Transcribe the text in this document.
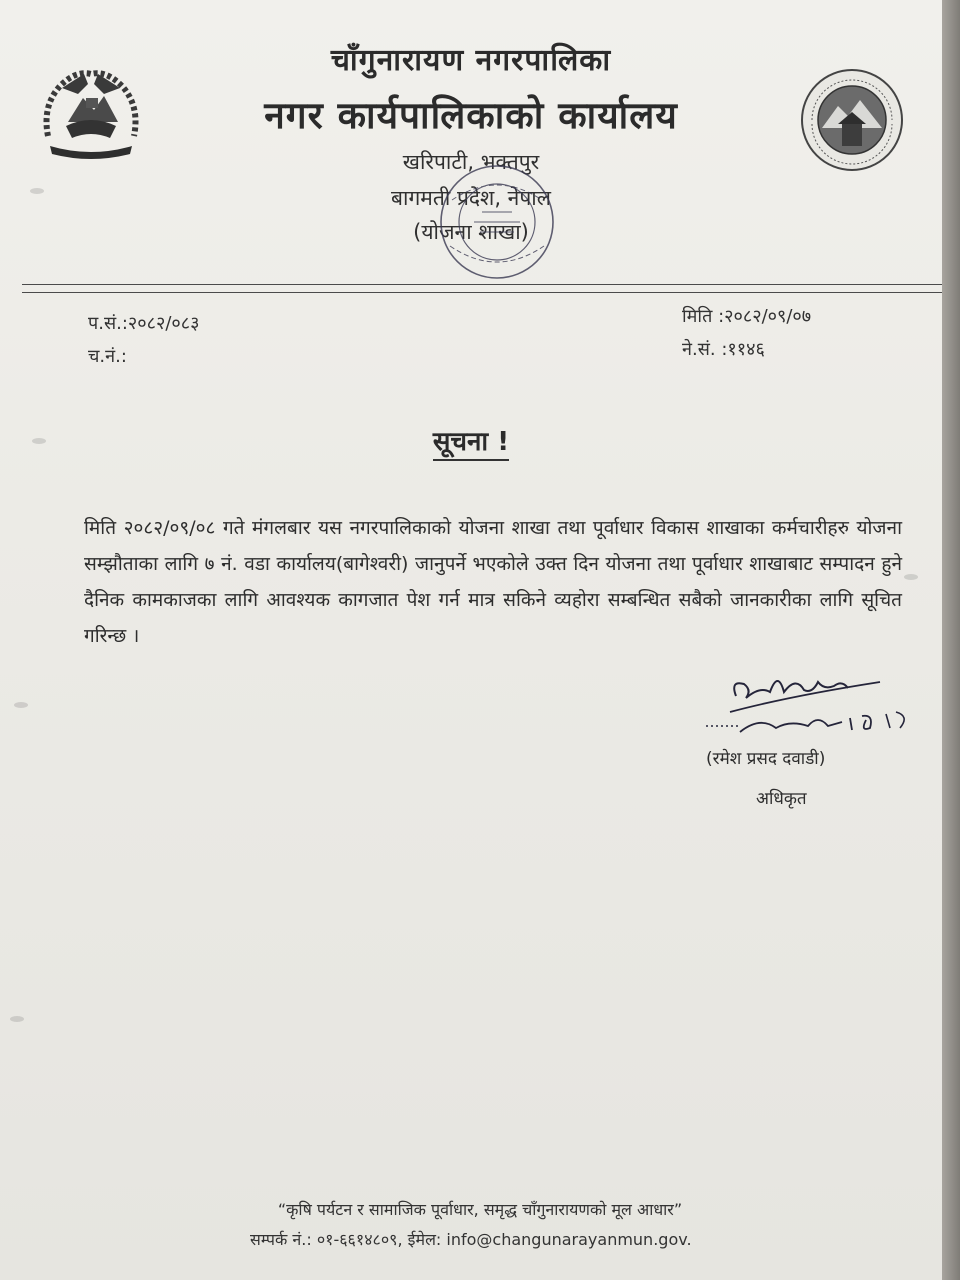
चाँगुनारायण नगरपालिका
नगर कार्यपालिकाको कार्यालय
खरिपाटी, भक्तपुर
बागमती प्रदेश, नेपाल
(योजना शाखा)
प.सं.:२०८२/०८३
च.नं.:
मिति :२०८२/०९/०७
ने.सं. :११४६
सूचना !
मिति २०८२/०९/०८ गते मंगलबार यस नगरपालिकाको योजना शाखा तथा पूर्वाधार विकास शाखाका कर्मचारीहरु योजना सम्झौताका लागि ७ नं. वडा कार्यालय(बागेश्वरी) जानुपर्ने भएकोले उक्त दिन योजना तथा पूर्वाधार शाखाबाट सम्पादन हुने दैनिक कामकाजका लागि आवश्यक कागजात पेश गर्न मात्र सकिने व्यहोरा सम्बन्धित सबैको जानकारीका लागि सूचित गरिन्छ ।
(रमेश प्रसद दवाडी)
अधिकृत
“कृषि पर्यटन र सामाजिक पूर्वाधार, समृद्ध चाँगुनारायणको मूल आधार”
सम्पर्क नं.: ०१-६६१४८०९, ईमेल: info@changunarayanmun.gov.
